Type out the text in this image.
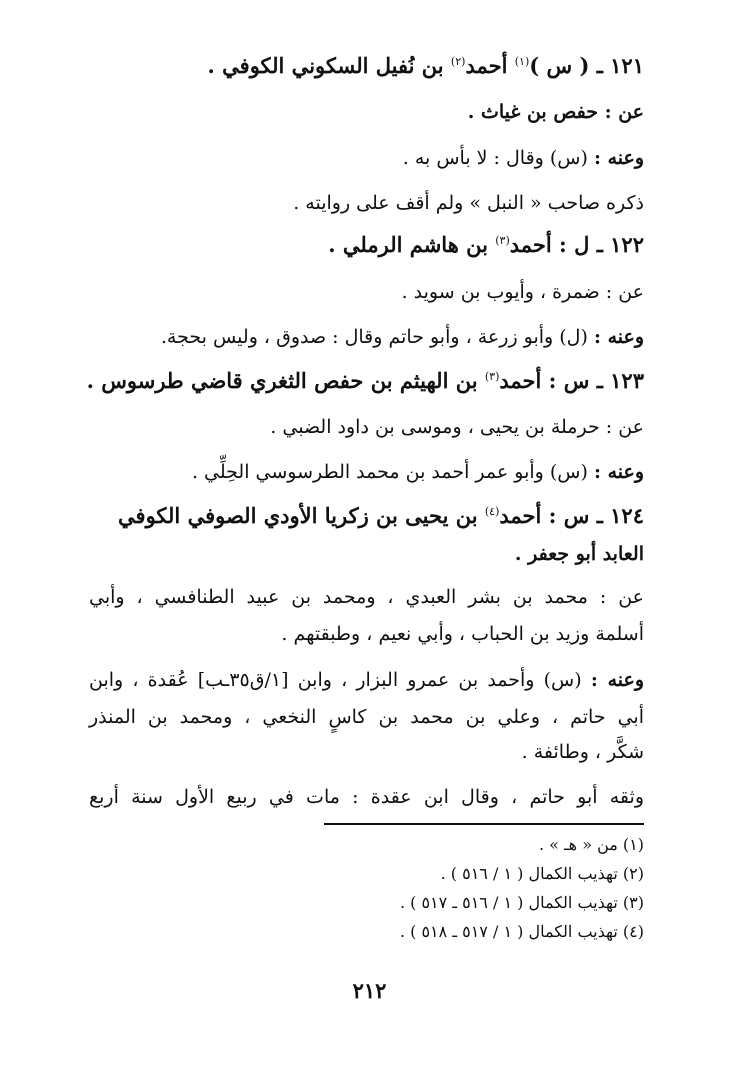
١٢١ ـ ( س )$^{(١)}$ أحمد$^{(٢)}$ بن نُفيل السكوني الكوفي .
عن : حفص بن غياث .
وعنه : (س) وقال : لا بأس به .
ذكره صاحب « النبل » ولم أقف على روايته .
١٢٢ ـ ل : أحمد$^{(٣)}$ بن هاشم الرملي .
عن : ضمرة ، وأيوب بن سويد .
وعنه : (ل) وأبو زرعة ، وأبو حاتم وقال : صدوق ، وليس بحجة.
١٢٣ ـ س : أحمد$^{(٣)}$ بن الهيثم بن حفص الثغري قاضي طرسوس .
عن : حرملة بن يحيى ، وموسى بن داود الضبي .
وعنه : (س) وأبو عمر أحمد بن محمد الطرسوسي الحِلِّي .
١٢٤ ـ س : أحمد$^{(٤)}$ بن يحيى بن زكريا الأودي الصوفي الكوفي
العابد أبو جعفر .
عن : محمد بن بشر العبدي ، ومحمد بن عبيد الطنافسي ، وأبي
أسلمة وزيد بن الحباب ، وأبي نعيم ، وطبقتهم .
وعنه : (س) وأحمد بن عمرو البزار ، وابن [١/ق٣٥ـب] عُقدة ، وابن
أبي حاتم ، وعلي بن محمد بن كاسٍ النخعي ، ومحمد بن المنذر
شكَّر ، وطائفة .
وثقه أبو حاتم ، وقال ابن عقدة : مات في ربيع الأول سنة أربع
(١) من « هـ » .
(٢) تهذيب الكمال ( ١ / ٥١٦ ) .
(٣) تهذيب الكمال ( ١ / ٥١٦ ـ ٥١٧ ) .
(٤) تهذيب الكمال ( ١ / ٥١٧ ـ ٥١٨ ) .
٢١٢
